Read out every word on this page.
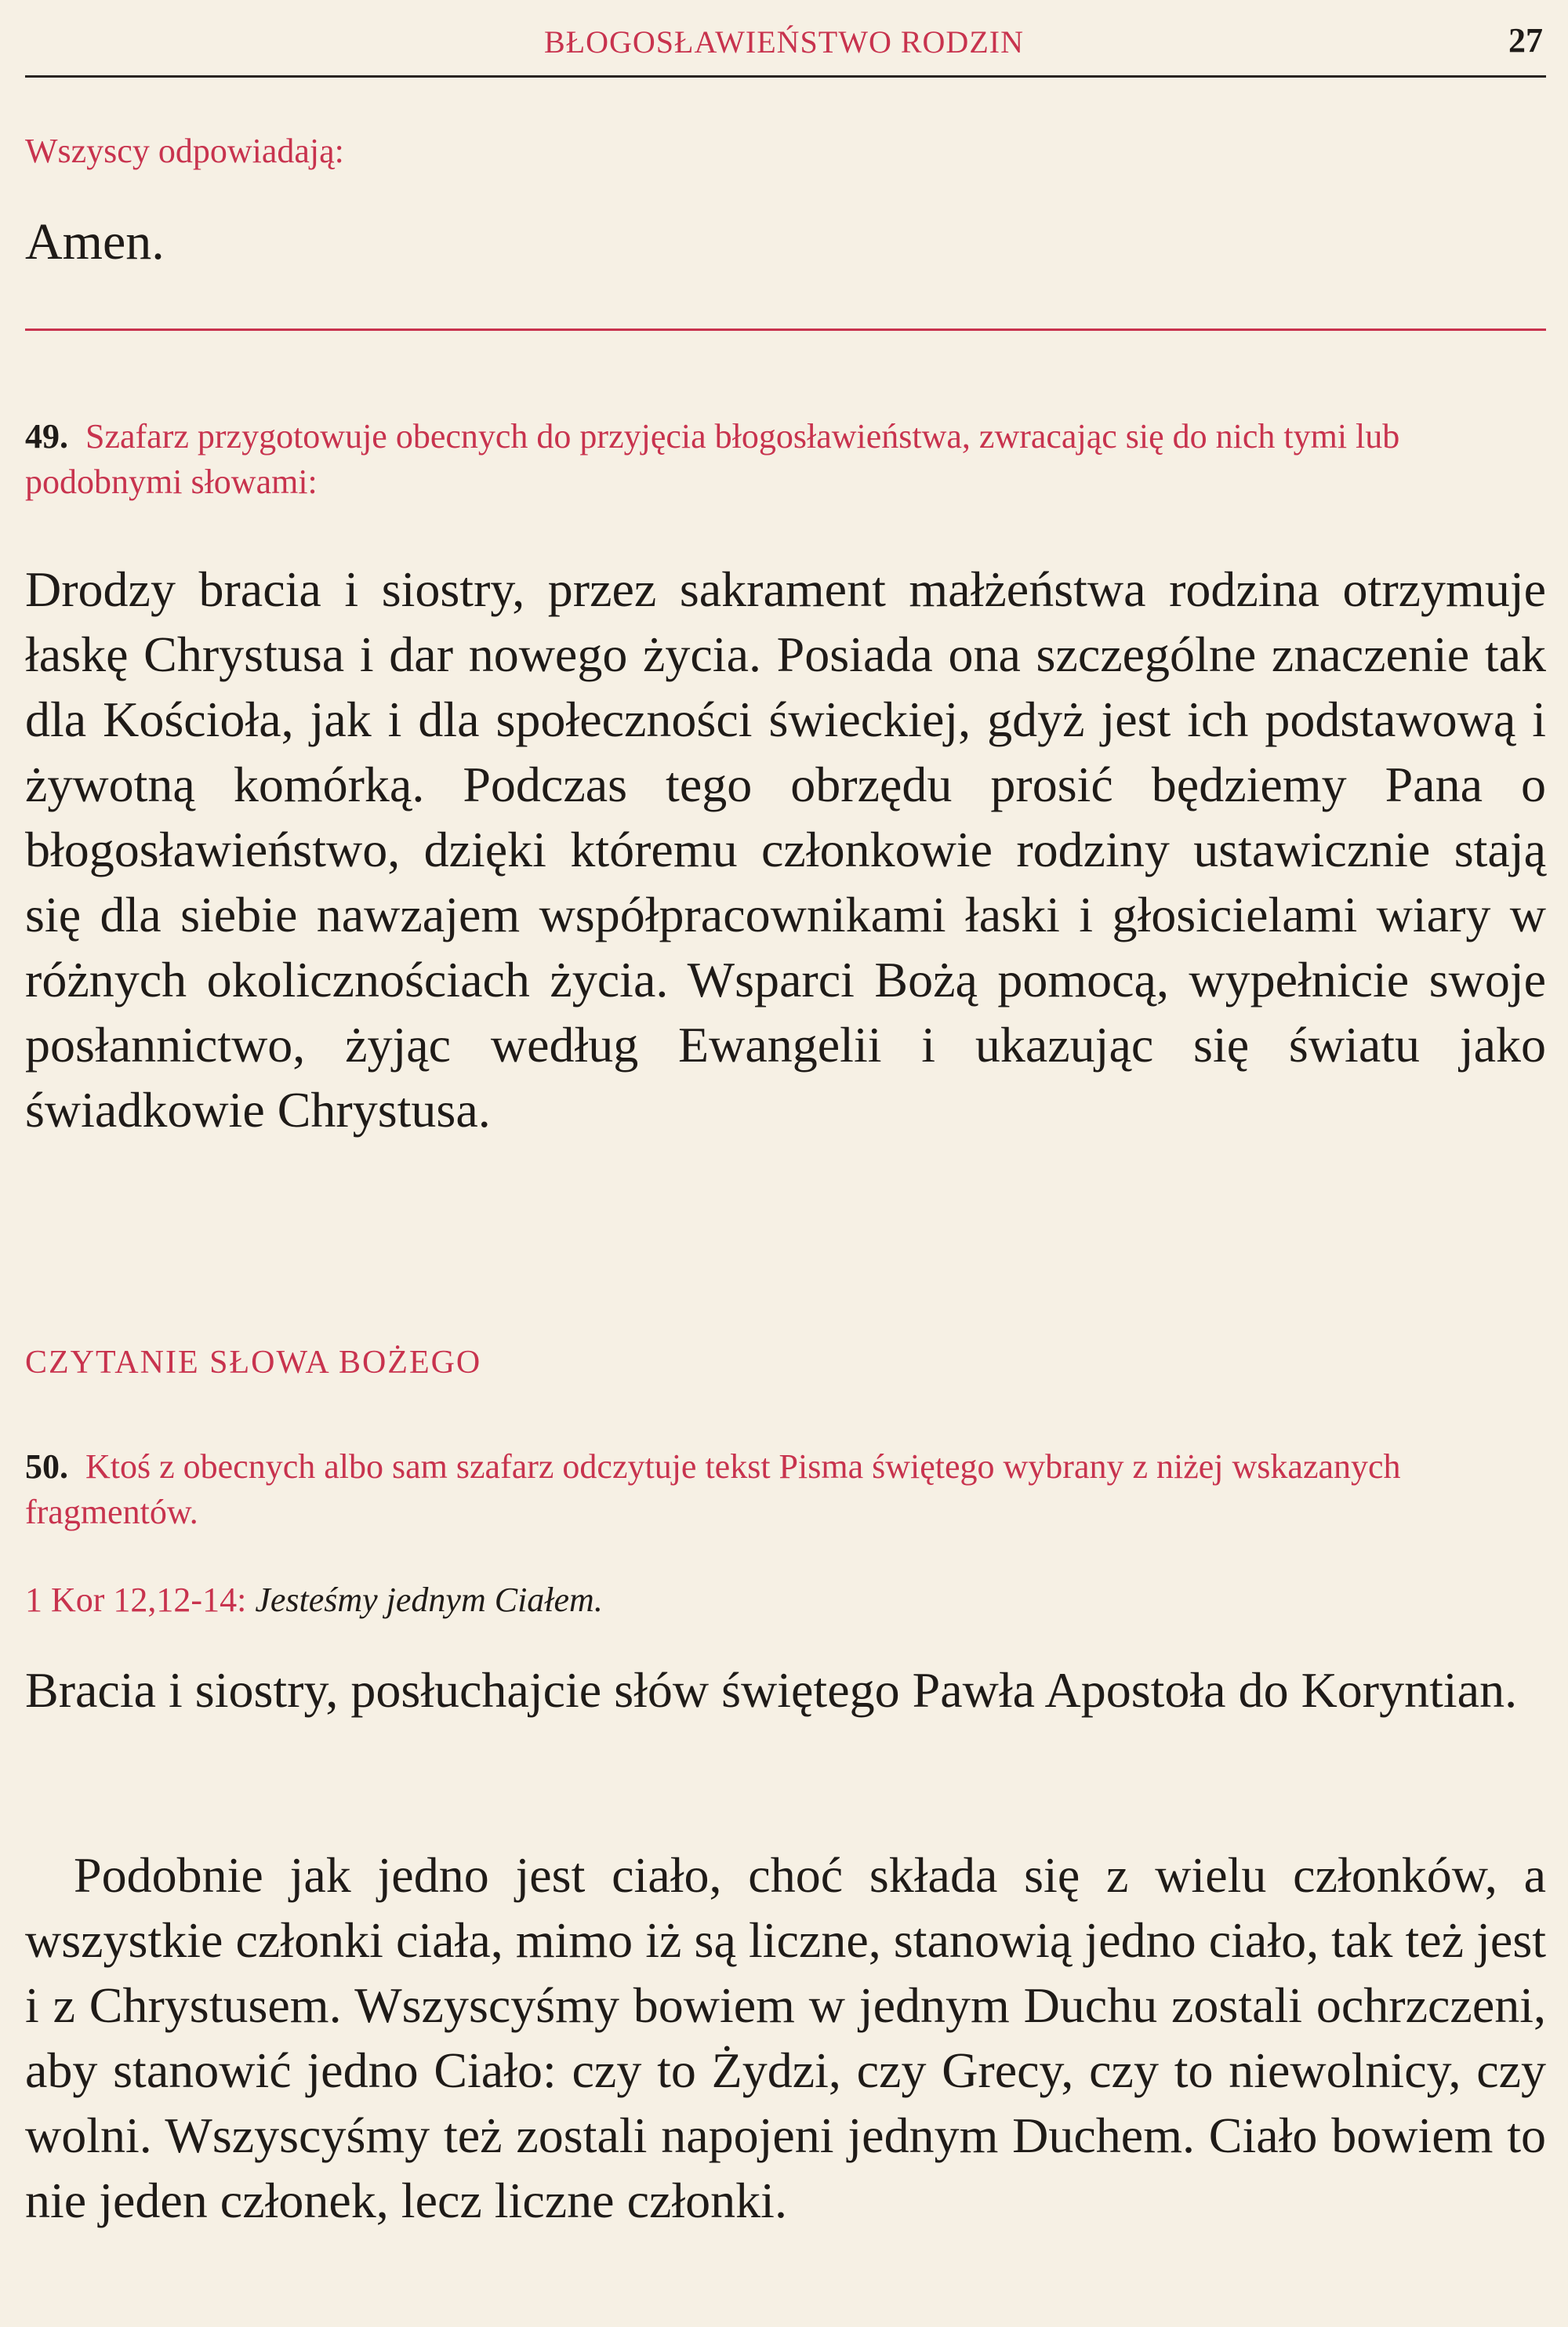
BŁOGOSŁAWIEŃSTWO RODZIN	27

Wszyscy odpowiadają:

Amen.

49. Szafarz przygotowuje obecnych do przyjęcia błogosławieństwa, zwracając się do nich tymi lub podobnymi słowami:

Drodzy bracia i siostry, przez sakrament małżeństwa rodzina otrzymuje łaskę Chrystusa i dar nowego życia. Posiada ona szczególne znaczenie tak dla Kościoła, jak i dla społeczności świeckiej, gdyż jest ich podstawową i żywotną komórką. Podczas tego obrzędu prosić będziemy Pana o błogosławieństwo, dzięki któremu członkowie rodziny ustawicznie stają się dla siebie nawzajem współpracownikami łaski i głosicielami wiary w różnych okolicznościach życia. Wsparci Bożą pomocą, wypełnicie swoje posłannictwo, żyjąc według Ewangelii i ukazując się światu jako świadkowie Chrystusa.

CZYTANIE SŁOWA BOŻEGO

50. Ktoś z obecnych albo sam szafarz odczytuje tekst Pisma świętego wybrany z niżej wskazanych fragmentów.

1 Kor 12,12-14: Jesteśmy jednym Ciałem.

Bracia i siostry, posłuchajcie słów świętego Pawła Apostoła do Koryntian.

Podobnie jak jedno jest ciało, choć składa się z wielu członków, a wszystkie członki ciała, mimo iż są liczne, stanowią jedno ciało, tak też jest i z Chrystusem. Wszyscyśmy bowiem w jednym Duchu zostali ochrzczeni, aby stanowić jedno Ciało: czy to Żydzi, czy Grecy, czy to niewolnicy, czy wolni. Wszyscyśmy też zostali napojeni jednym Duchem. Ciało bowiem to nie jeden członek, lecz liczne członki.
